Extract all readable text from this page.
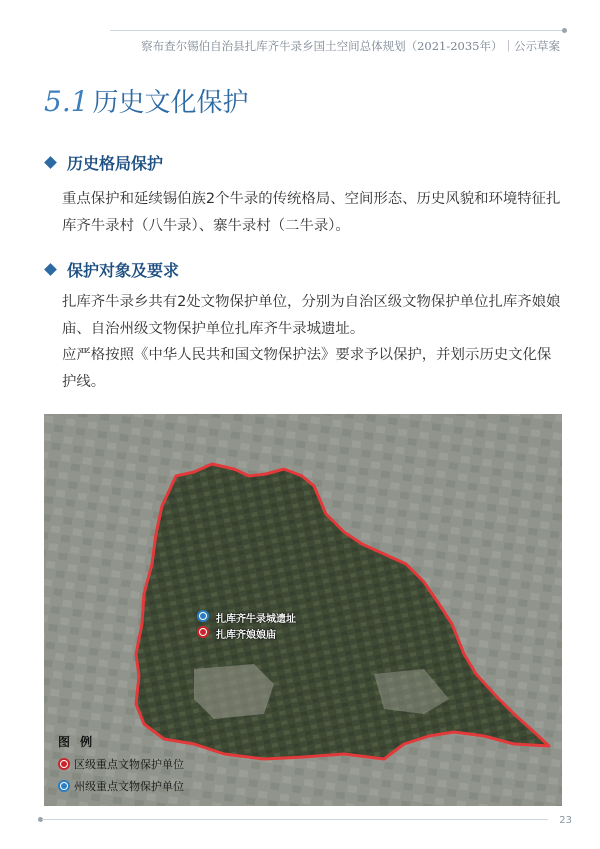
察布查尔锡伯自治县扎库齐牛录乡国土空间总体规划（2021-2035年）｜公示草案
5.1 历史文化保护
历史格局保护
重点保护和延续锡伯族2个牛录的传统格局、空间形态、历史风貌和环境特征扎库齐牛录村（八牛录）、寨牛录村（二牛录）。
保护对象及要求
扎库齐牛录乡共有2处文物保护单位，分别为自治区级文物保护单位扎库齐娘娘庙、自治州级文物保护单位扎库齐牛录城遗址。
应严格按照《中华人民共和国文物保护法》要求予以保护，并划示历史文化保护线。
扎库齐牛录城遗址
扎库齐娘娘庙
图 例
区级重点文物保护单位
州级重点文物保护单位
23
